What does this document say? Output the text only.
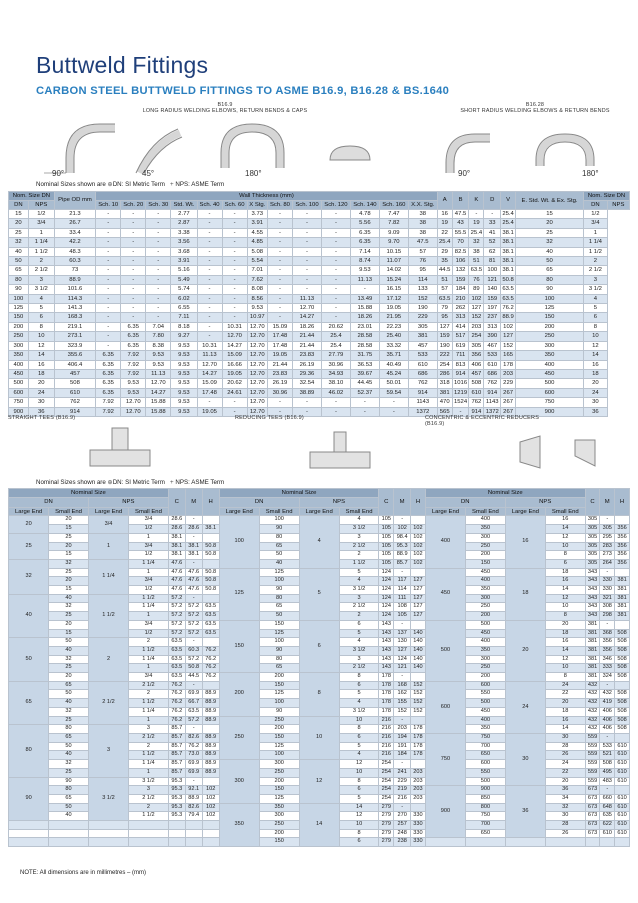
Buttweld Fittings
CARBON STEEL BUTTWELD FITTINGS TO ASME B16.9, B16.28 & BS.1640
B16.9
LONG RADIUS WELDING ELBOWS, RETURN BENDS & CAPS
B16.28
SHORT RADIUS WELDING ELBOWS & RETURN BENDS
90°	45°	180°	90°	180°
Nominal Sizes shown are ⊕DN: SI Metric Term + NPS: ASME Term
Nom. Size DN		Pipe OD mm	Wall Thickness (mm)													A	B	K	D	V	E. Std. Wt. & Ex. Stg.	Nom. Size DN	
DN	NPS		Sch. 10	Sch. 20	Sch. 30	Std. Wt.	Sch. 40	Sch. 60	X Stg.	Sch. 80	Sch. 100	Sch. 120	Sch. 140	Sch. 160	X.X. Stg.							DN	NPS
15	1/2	21.3	-	-	-	2.77	-	-	3.73	-	-	-	4.78	7.47	38	16	47.5	-	-	25.4	15	1/2	
20	3/4	26.7	-	-	-	2.87	-	-	3.91	-	-	-	5.56	7.82	38	19	43	19	33	25.4	20	3/4	
25	1	33.4	-	-	-	3.38	-	-	4.55	-	-	-	6.35	9.09	38	22	55.5	25.4	41	38.1	25	1	
32	1 1/4	42.2	-	-	-	3.56	-	-	4.85	-	-	-	6.35	9.70	47.5	25.4	70	32	52	38.1	32	1 1/4	
40	1 1/2	48.3	-	-	-	3.68	-	-	5.08	-	-	-	7.14	10.15	57	29	82.5	38	62	38.1	40	1 1/2	
50	2	60.3	-	-	-	3.91	-	-	5.54	-	-	-	8.74	11.07	76	35	106	51	81	38.1	50	2	
65	2 1/2	73	-	-	-	5.16	-	-	7.01	-	-	-	9.53	14.02	95	44.5	132	63.5	100	38.1	65	2 1/2	
80	3	88.9	-	-	-	5.49	-	-	7.62	-	-	-	11.13	15.24	114	51	159	76	121	50.8	80	3	
90	3 1/2	101.6	-	-	-	5.74	-	-	8.08	-	-	-	-	16.15	133	57	184	89	140	63.5	90	3 1/2	
100	4	114.3	-	-	-	6.02	-	-	8.56	-	11.13	-	13.49	17.12	152	63.5	210	102	159	63.5	100	4	
125	5	141.3	-	-	-	6.55	-	-	9.53	-	12.70	-	15.88	19.05	190	79	262	127	197	76.2	125	5	
150	6	168.3	-	-	-	7.11	-	-	10.97	-	14.27	-	18.26	21.95	229	95	313	152	237	88.9	150	6	
200	8	219.1	-	6.35	7.04	8.18	-	10.31	12.70	15.09	18.26	20.62	23.01	22.23	305	127	414	203	313	102	200	8	
250	10	273.1	-	6.35	7.80	9.27	-	12.70	12.70	17.48	21.44	25.4	28.58	25.40	381	159	517	254	390	127	250	10	
300	12	323.9	-	6.35	8.38	9.53	10.31	14.27	12.70	17.48	21.44	25.4	28.58	33.32	457	190	619	305	467	152	300	12	
350	14	355.6	6.35	7.92	9.53	9.53	11.13	15.09	12.70	19.05	23.83	27.79	31.75	35.71	533	222	711	356	533	165	350	14	
400	16	406.4	6.35	7.92	9.53	9.53	12.70	16.66	12.70	21.44	26.19	30.96	36.53	40.49	610	254	813	406	610	178	400	16	
450	18	457	6.35	7.92	11.13	9.53	14.27	19.05	12.70	23.83	29.36	34.93	39.67	45.24	686	286	914	457	686	203	450	18	
500	20	508	6.35	9.53	12.70	9.53	15.09	20.62	12.70	26.19	32.54	38.10	44.45	50.01	762	318	1016	508	762	229	500	20	
600	24	610	6.35	9.53	14.27	9.53	17.48	24.61	12.70	30.96	38.89	46.02	52.37	59.54	914	381	1219	610	914	267	600	24	
750	30	762	7.92	12.70	15.88	9.53	-	-	12.70	-	-	-	-	-	1143	470	1524	762	1143	267	750	30	
900	36	914	7.92	12.70	15.88	9.53	19.05	-	12.70	-	-	-	-	-	1372	565	-	914	1372	267	900	36	
STRAIGHT TEES (B16.9)	REDUCING TEES (B16.9)	CONCENTRIC & ECCENTRIC REDUCERS (B16.9)
Nominal Sizes shown are ⊕DN: SI Metric Term + NPS: ASME Term
Nominal Size				C	M	H	Nominal Size				C	M	H	Nominal Size				C	M	H
DN		NPS					DN		NPS					DN		NPS				
Large End	Small End	Large End	Small End				Large End	Small End	Large End	Small End				Large End	Small End	Large End	Small End			
20	20	3/4	3/4	28.6	-		100	100	4	4	105	-		400	400	16	16	305	-	
	15		1/2	28.6	28.6	38.1		90		3 1/2	105	102	102		350		14	305	305	356
25	25	1	1	38.1	-			80		3	105	98.4	102		300		12	305	295	356
	20		3/4	38.1	38.1	50.8		65		2 1/2	105	95.3	102		250		10	305	283	356
	15		1/2	38.1	38.1	50.8		50		2	105	88.9	102		200		8	305	273	356
32	32	1 1/4	1 1/4	47.6	-			40		1 1/2	105	85.7	102		150		6	305	264	356
	25		1	47.6	47.6	50.8	125	125	5	5	124	-		450	450	18	18	343	-	
	20		3/4	47.6	47.6	50.8		100		4	124	117	127		400		16	343	330	381
	15		1/2	47.6	47.6	50.8		90		3 1/2	124	114	127		350		14	343	330	381
40	40	1 1/2	1 1/2	57.2	-			80		3	124	111	127		300		12	343	321	381
	32		1 1/4	57.2	57.2	63.5		65		2 1/2	124	108	127		250		10	343	308	381
	25		1	57.2	57.2	63.5		50		2	124	105	127		200		8	343	298	381
	20		3/4	57.2	57.2	63.5	150	150	6	6	143	-		500	500	20	20	381	-	
	15		1/2	57.2	57.2	63.5		125		5	143	137	140		450		18	381	368	508
50	50	2	2	63.5	-			100		4	143	130	140		400		16	381	356	508
	40		1 1/2	63.5	60.3	76.2		90		3 1/2	143	127	140		350		14	381	356	508
	32		1 1/4	63.5	57.2	76.2		80		3	143	124	140		300		12	381	346	508
	25		1	63.5	50.8	76.2		65		2 1/2	143	121	140		250		10	381	333	508
	20		3/4	63.5	44.5	76.2	200	200	8	8	178	-			200		8	381	324	508
65	65	2 1/2	2 1/2	76.2	-			150		6	178	168	152	600	600	24	24	432	-	
	50		2	76.2	69.9	88.9		125		5	178	162	152		550		22	432	432	508
	40		1 1/2	76.2	66.7	88.9		100		4	178	155	152		500		20	432	419	508
	32		1 1/4	76.2	63.5	88.9		90		3 1/2	178	152	152		450		18	432	406	508
	25		1	76.2	57.2	88.9	250	250	10	10	216	-			400		16	432	406	508
80	80	3	3	85.7	-			200		8	216	203	178		350		14	432	406	508
	65		2 1/2	85.7	82.6	88.9		150		6	216	194	178	750	750	30	30	559	-	
	50		2	85.7	76.2	88.9		125		5	216	191	178		700		28	559	533	610
	40		1 1/2	85.7	73.0	88.9		100		4	216	184	178		650		26	559	521	610
	32		1 1/4	85.7	69.9	88.9	300	300	12	12	254	-			600		24	559	508	610
	25		1	85.7	69.9	88.9		250		10	254	241	203		550		22	559	495	610
90	90	3 1/2	3 1/2	95.3	-			200		8	254	229	203		500		20	559	483	610
	80		3	95.3	92.1	102		150		6	254	219	203	900	900	36	36	673	-	
	65		2 1/2	95.3	88.9	102		125		5	254	216	203		850		34	673	660	610
	50		2	95.3	82.6	102	350	350	14	14	279	-			800		32	673	648	610
	40		1 1/2	95.3	79.4	102		300		12	279	270	330		750		30	673	635	610
								250		10	279	257	330		700		28	673	622	610
								200		8	279	248	330		650		26	673	610	610
								150		6	279	238	330							
NOTE: All dimensions are in millimetres – (mm)
